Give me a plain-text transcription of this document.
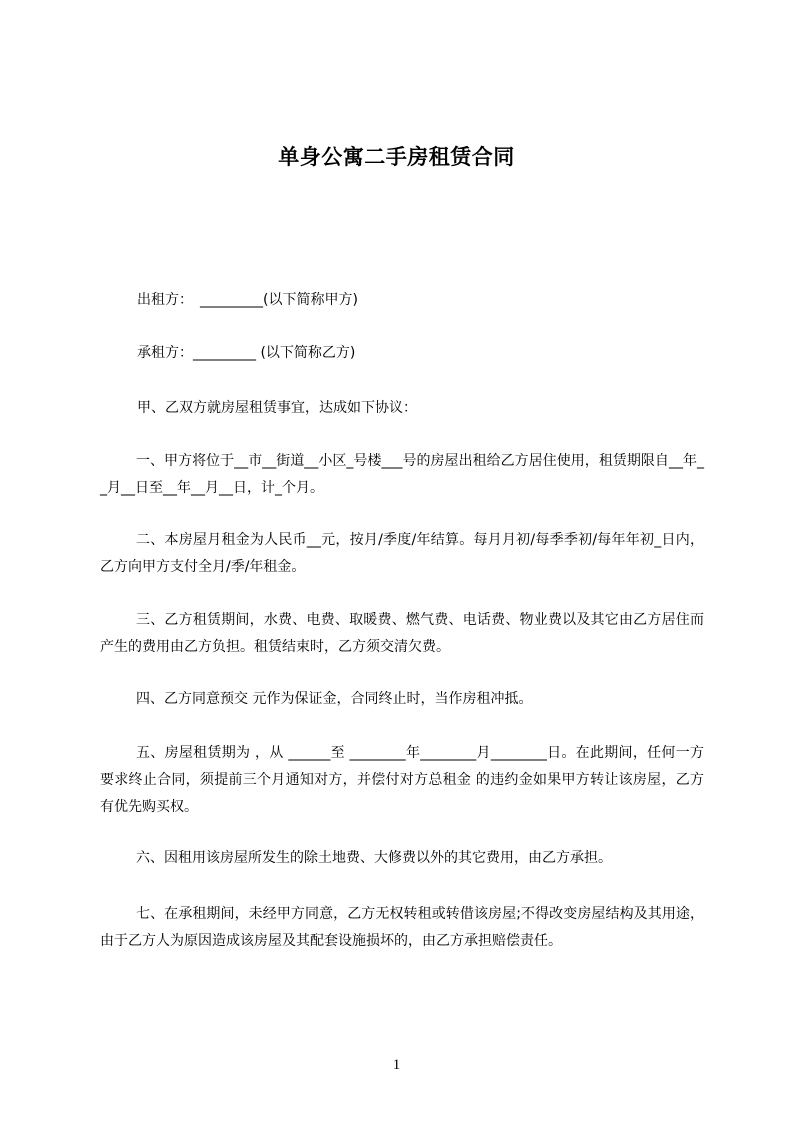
单身公寓二手房租赁合同
出租方：　_________(以下简称甲方)
承租方：_________ (以下简称乙方)
甲、乙双方就房屋租赁事宜，达成如下协议：
一、甲方将位于__市__街道__小区_号楼___号的房屋出租给乙方居住使用，租赁期限自__年__月__日至__年__月__日，计_个月。
二、本房屋月租金为人民币__元，按月/季度/年结算。每月月初/每季季初/每年年初_日内，乙方向甲方支付全月/季/年租金。
三、乙方租赁期间，水费、电费、取暖费、燃气费、电话费、物业费以及其它由乙方居住而产生的费用由乙方负担。租赁结束时，乙方须交清欠费。
四、乙方同意预交 元作为保证金，合同终止时，当作房租冲抵。
五、房屋租赁期为 ，从 ______至 ________年________月________日。在此期间，任何一方要求终止合同，须提前三个月通知对方，并偿付对方总租金 的违约金如果甲方转让该房屋，乙方有优先购买权。
六、因租用该房屋所发生的除土地费、大修费以外的其它费用，由乙方承担。
七、在承租期间，未经甲方同意，乙方无权转租或转借该房屋;不得改变房屋结构及其用途，由于乙方人为原因造成该房屋及其配套设施损坏的，由乙方承担赔偿责任。
1
